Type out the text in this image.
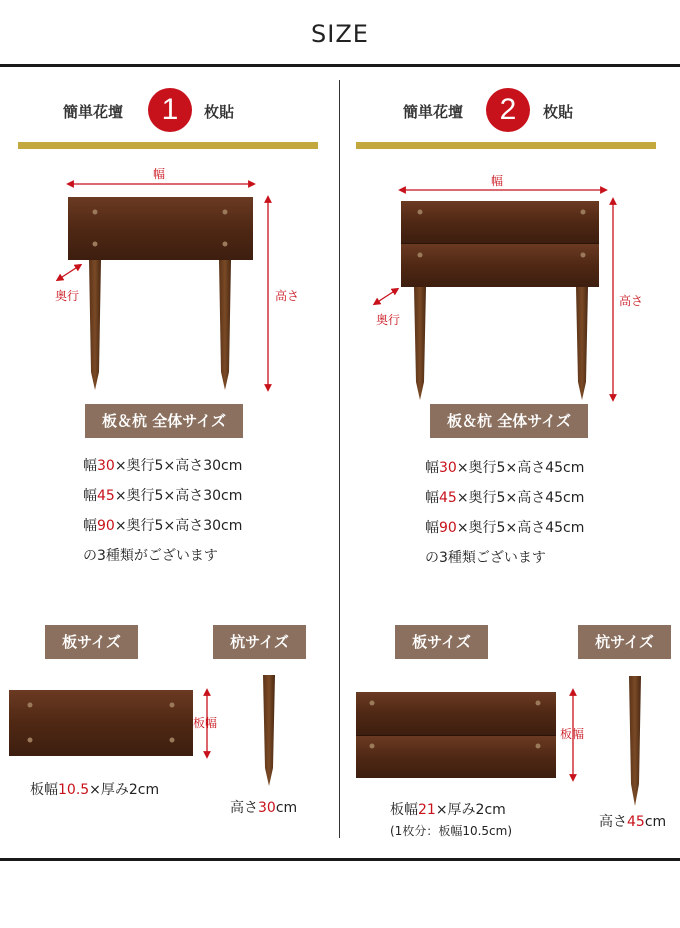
SIZE
簡単花壇	1	枚貼
幅
奥行	高さ
板＆杭 全体サイズ
幅30×奥行5×高さ30cm
幅45×奥行5×高さ30cm
幅90×奥行5×高さ30cm
の3種類がございます
板サイズ	杭サイズ
板幅
板幅10.5×厚み2cm
高さ30cm
簡単花壇	2	枚貼
幅
奥行
高さ
板＆杭 全体サイズ
幅30×奥行5×高さ45cm
幅45×奥行5×高さ45cm
幅90×奥行5×高さ45cm
の3種類ございます
板サイズ	杭サイズ
板幅
板幅21×厚み2cm
(1枚分：板幅10.5cm)
高さ45cm
